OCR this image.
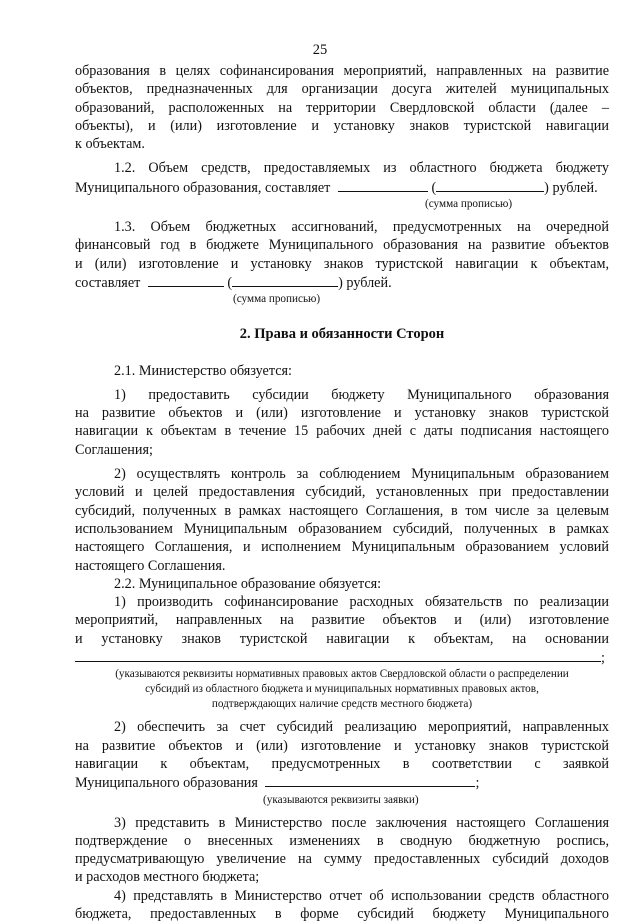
25
образования в целях софинансирования мероприятий, направленных на развитие
объектов, предназначенных для организации досуга жителей муниципальных
образований, расположенных на территории Свердловской области (далее –
объекты), и (или) изготовление и установку знаков туристской навигации
к объектам.
1.2. Объем средств, предоставляемых из областного бюджета бюджету
Муниципального образования, составляет	(	) рублей.
(сумма прописью)
1.3. Объем бюджетных ассигнований, предусмотренных на очередной
финансовый год в бюджете Муниципального образования на развитие объектов
и (или) изготовление и установку знаков туристской навигации к объектам,
составляет	(	) рублей.
(сумма прописью)
2. Права и обязанности Сторон
2.1. Министерство обязуется:
1) предоставить субсидии бюджету Муниципального образования
на развитие объектов и (или) изготовление и установку знаков туристской
навигации к объектам в течение 15 рабочих дней с даты подписания настоящего
Соглашения;
2) осуществлять контроль за соблюдением Муниципальным образованием
условий и целей предоставления субсидий, установленных при предоставлении
субсидий, полученных в рамках настоящего Соглашения, в том числе за целевым
использованием Муниципальным образованием субсидий, полученных в рамках
настоящего Соглашения, и исполнением Муниципальным образованием условий
настоящего Соглашения.
2.2. Муниципальное образование обязуется:
1) производить софинансирование расходных обязательств по реализации
мероприятий, направленных на развитие объектов и (или) изготовление
и установку знаков туристской навигации к объектам, на основании
;
(указываются реквизиты нормативных правовых актов Свердловской области о распределении
субсидий из областного бюджета и муниципальных нормативных правовых актов,
подтверждающих наличие средств местного бюджета)
2) обеспечить за счет субсидий реализацию мероприятий, направленных
на развитие объектов и (или) изготовление и установку знаков туристской
навигации к объектам, предусмотренных в соответствии с заявкой
Муниципального образования	;
(указываются реквизиты заявки)
3) представить в Министерство после заключения настоящего Соглашения
подтверждение о внесенных изменениях в сводную бюджетную роспись,
предусматривающую увеличение на сумму предоставленных субсидий доходов
и расходов местного бюджета;
4) представлять в Министерство отчет об использовании средств областного
бюджета, предоставленных в форме субсидий бюджету Муниципального
